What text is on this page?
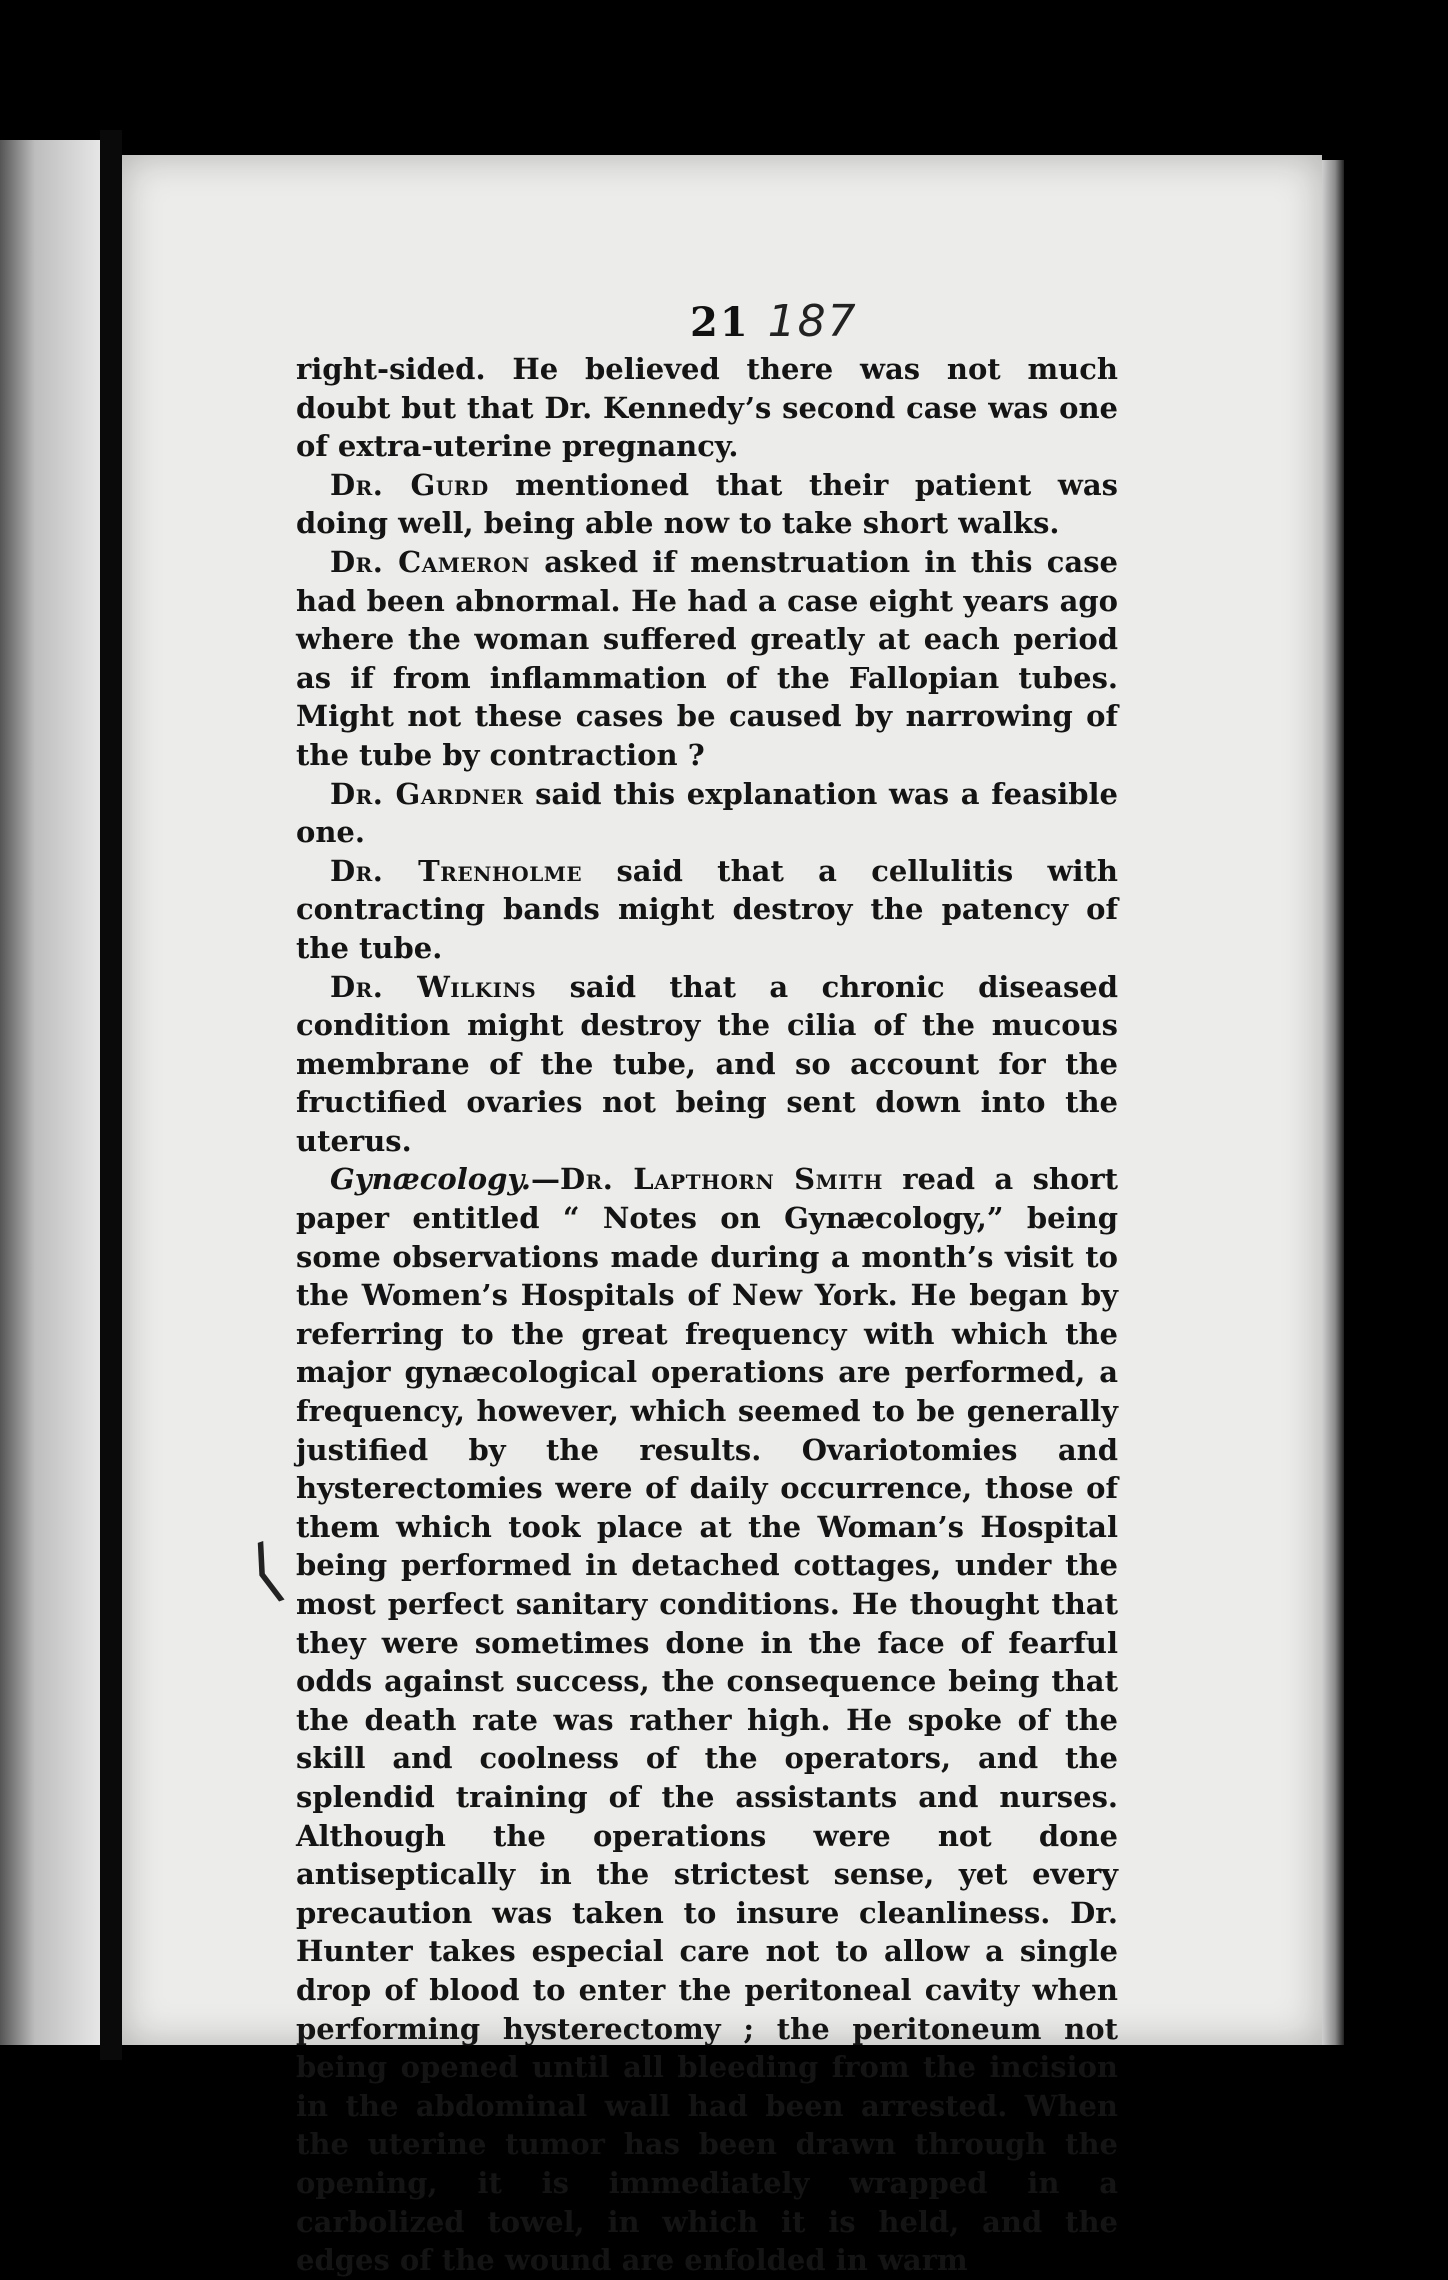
21 187

right-sided. He believed there was not much doubt but that Dr. Kennedy’s second case was one of extra-uterine pregnancy.

Dr. Gurd mentioned that their patient was doing well, being able now to take short walks.

Dr. Cameron asked if menstruation in this case had been abnormal. He had a case eight years ago where the woman suffered greatly at each period as if from inflammation of the Fallopian tubes. Might not these cases be caused by narrowing of the tube by contraction ?

Dr. Gardner said this explanation was a feasible one.

Dr. Trenholme said that a cellulitis with contracting bands might destroy the patency of the tube.

Dr. Wilkins said that a chronic diseased condition might destroy the cilia of the mucous membrane of the tube, and so account for the fructified ovaries not being sent down into the uterus.

Gynæcology.—Dr. Lapthorn Smith read a short paper entitled “ Notes on Gynæcology,” being some observations made during a month’s visit to the Women’s Hospitals of New York. He began by referring to the great frequency with which the major gynæcological operations are performed, a frequency, however, which seemed to be generally justified by the results. Ovariotomies and hysterectomies were of daily occurrence, those of them which took place at the Woman’s Hospital being performed in detached cottages, under the most perfect sanitary conditions. He thought that they were sometimes done in the face of fearful odds against success, the consequence being that the death rate was rather high. He spoke of the skill and coolness of the operators, and the splendid training of the assistants and nurses. Although the operations were not done antiseptically in the strictest sense, yet every precaution was taken to insure cleanliness. Dr. Hunter takes especial care not to allow a single drop of blood to enter the peritoneal cavity when performing hysterectomy ; the peritoneum not being opened until all bleeding from the incision in the abdominal wall had been arrested. When the uterine tumor has been drawn through the opening, it is immediately wrapped in a carbolized towel, in which it is held, and the edges of the wound are enfolded in warm

⟨
